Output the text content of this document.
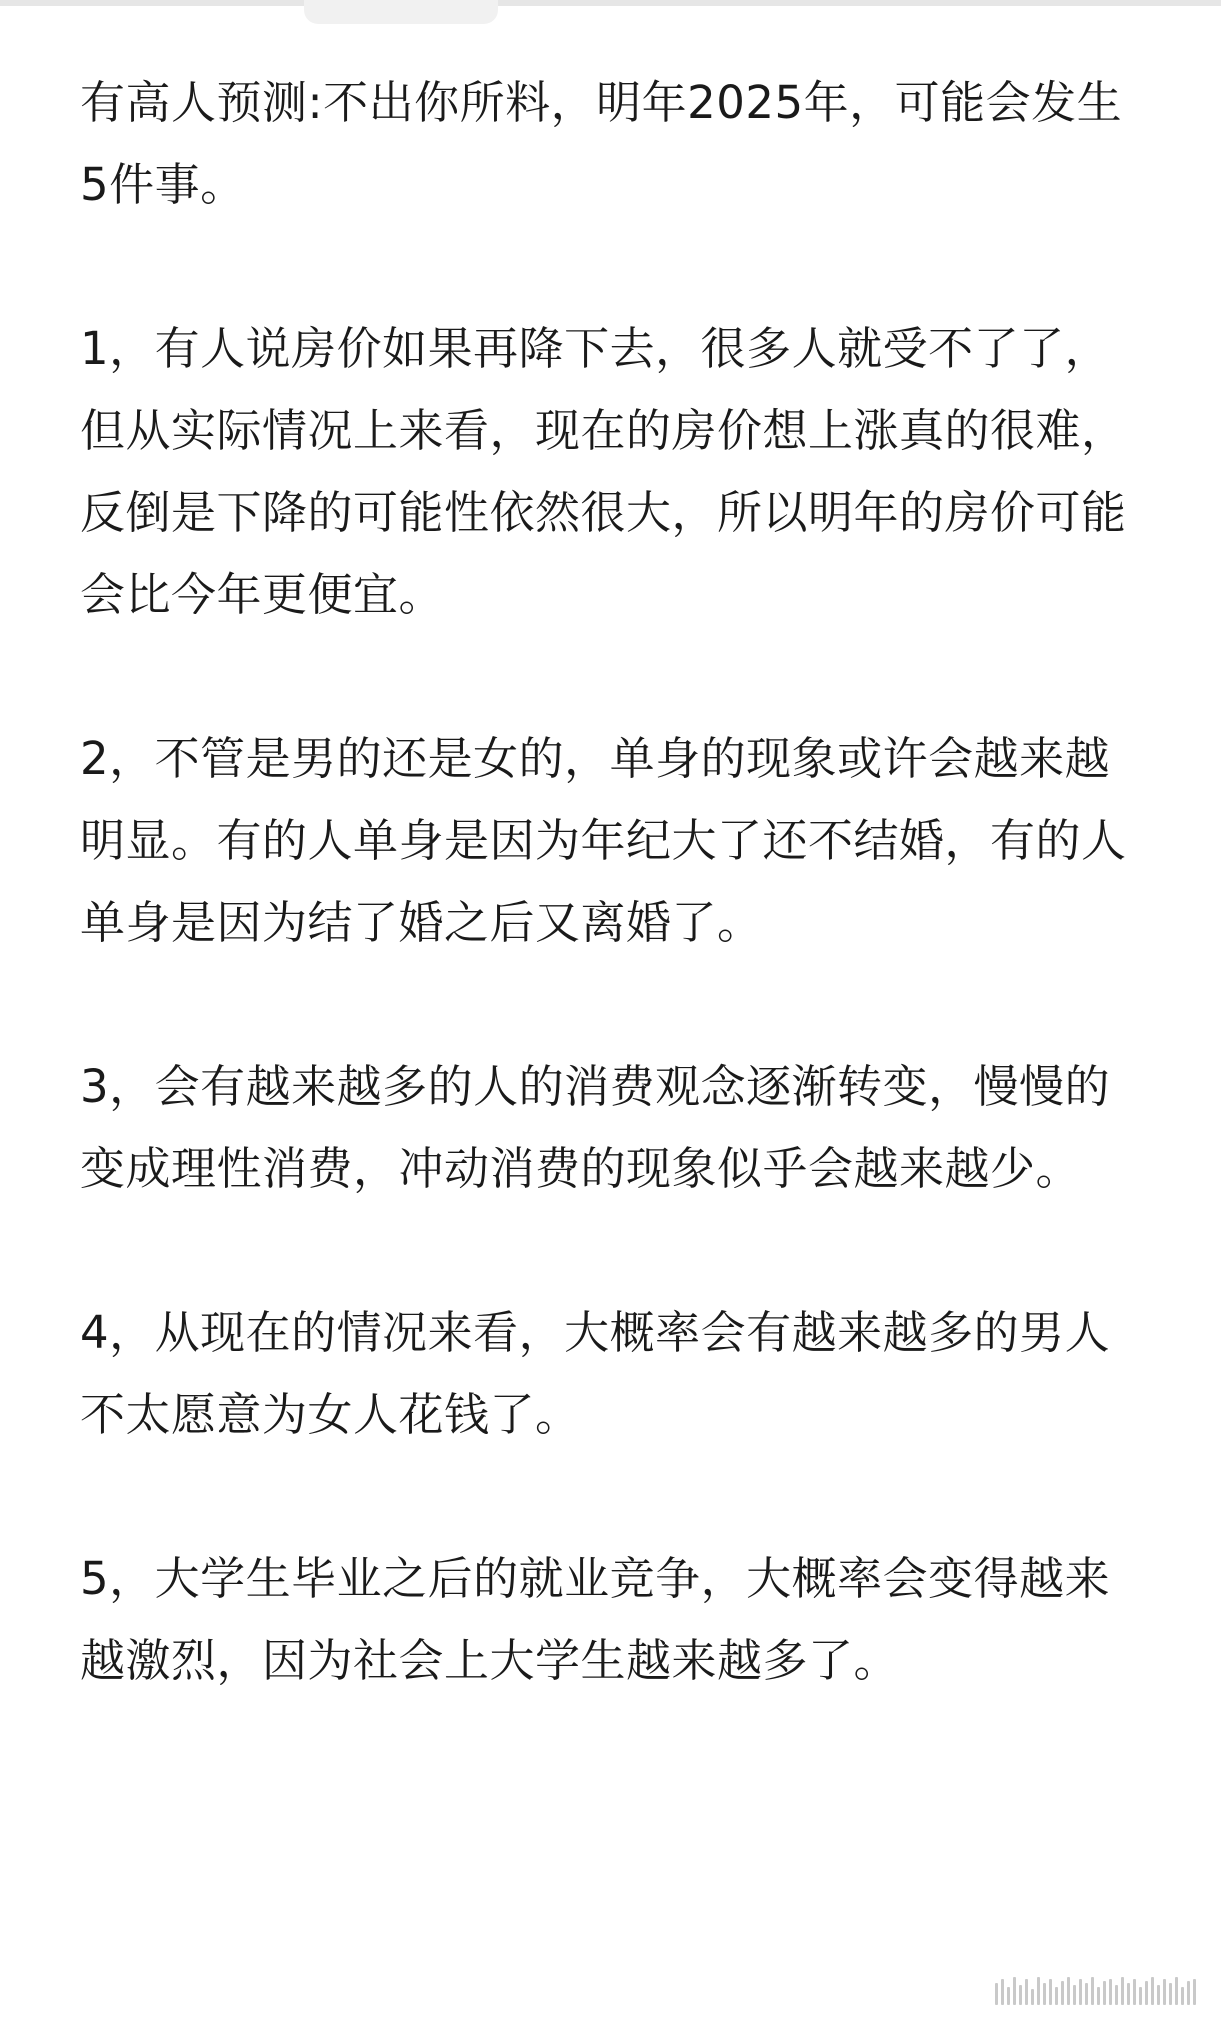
有高人预测:不出你所料，明年2025年，可能会发生5件事。

1，有人说房价如果再降下去，很多人就受不了了，但从实际情况上来看，现在的房价想上涨真的很难，反倒是下降的可能性依然很大，所以明年的房价可能会比今年更便宜。

2，不管是男的还是女的，单身的现象或许会越来越明显。有的人单身是因为年纪大了还不结婚，有的人单身是因为结了婚之后又离婚了。

3，会有越来越多的人的消费观念逐渐转变，慢慢的变成理性消费，冲动消费的现象似乎会越来越少。

4，从现在的情况来看，大概率会有越来越多的男人不太愿意为女人花钱了。

5，大学生毕业之后的就业竞争，大概率会变得越来越激烈，因为社会上大学生越来越多了。
